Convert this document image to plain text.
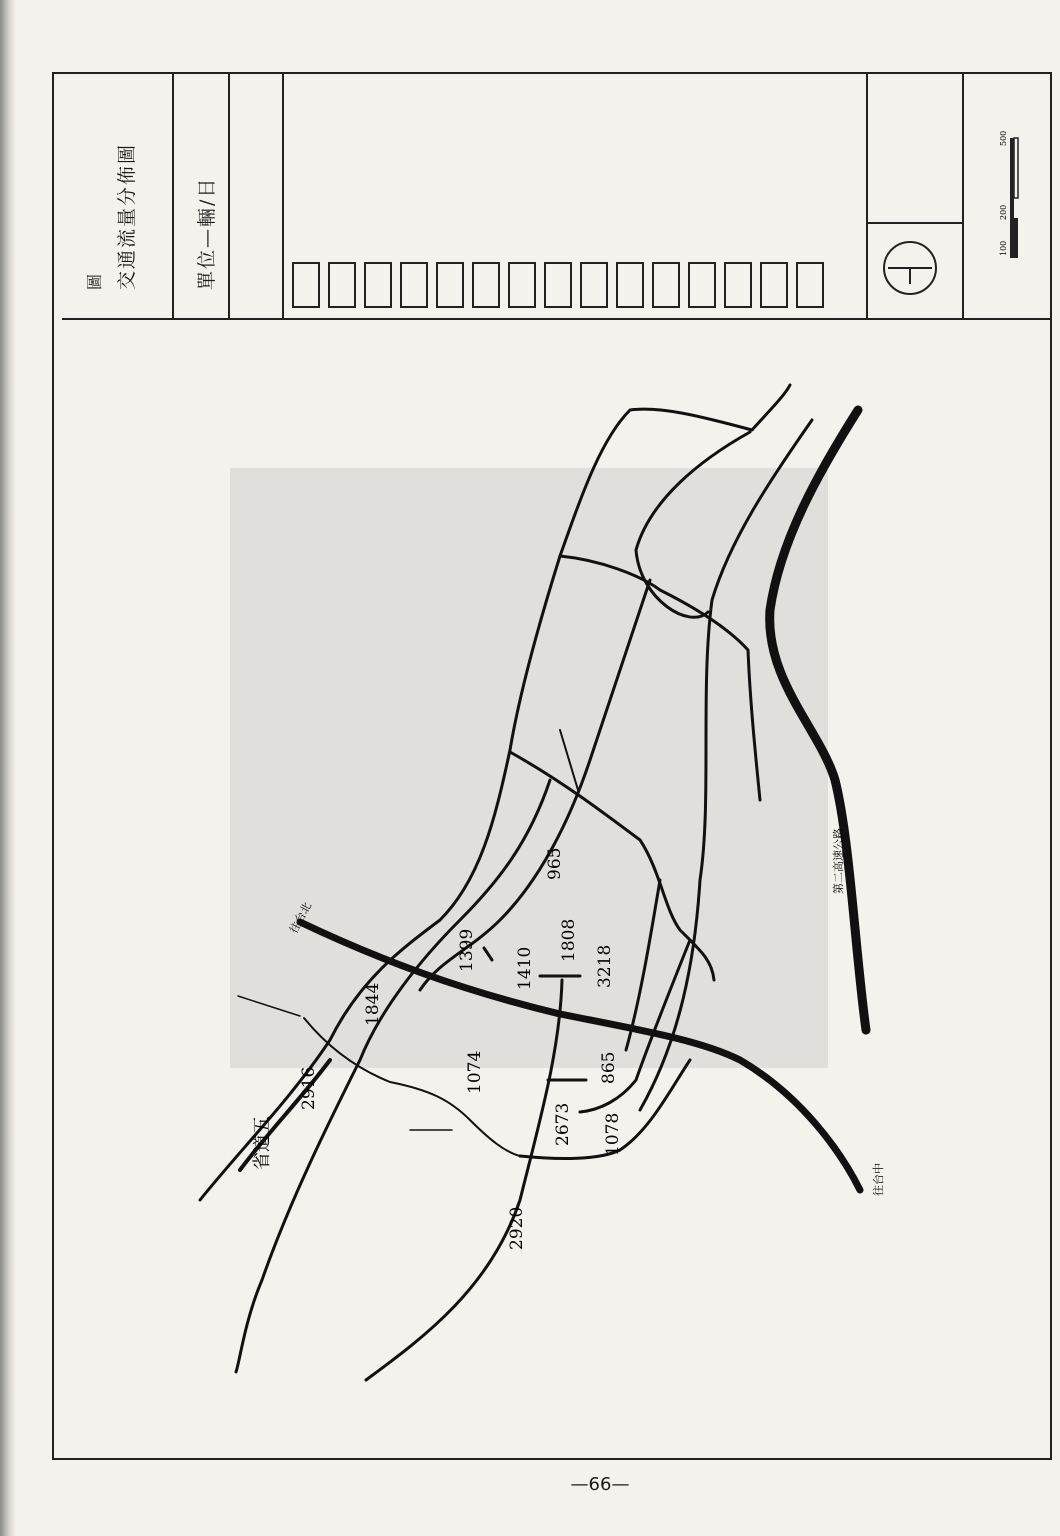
圖 交通流量分佈圖	單位—輛/日
500
200
100
往台北
往台中
第二高速公路
省道五
965
1399 1410
1808
3218
1844
1074
2916	865
2673 1078
2920
—66—
